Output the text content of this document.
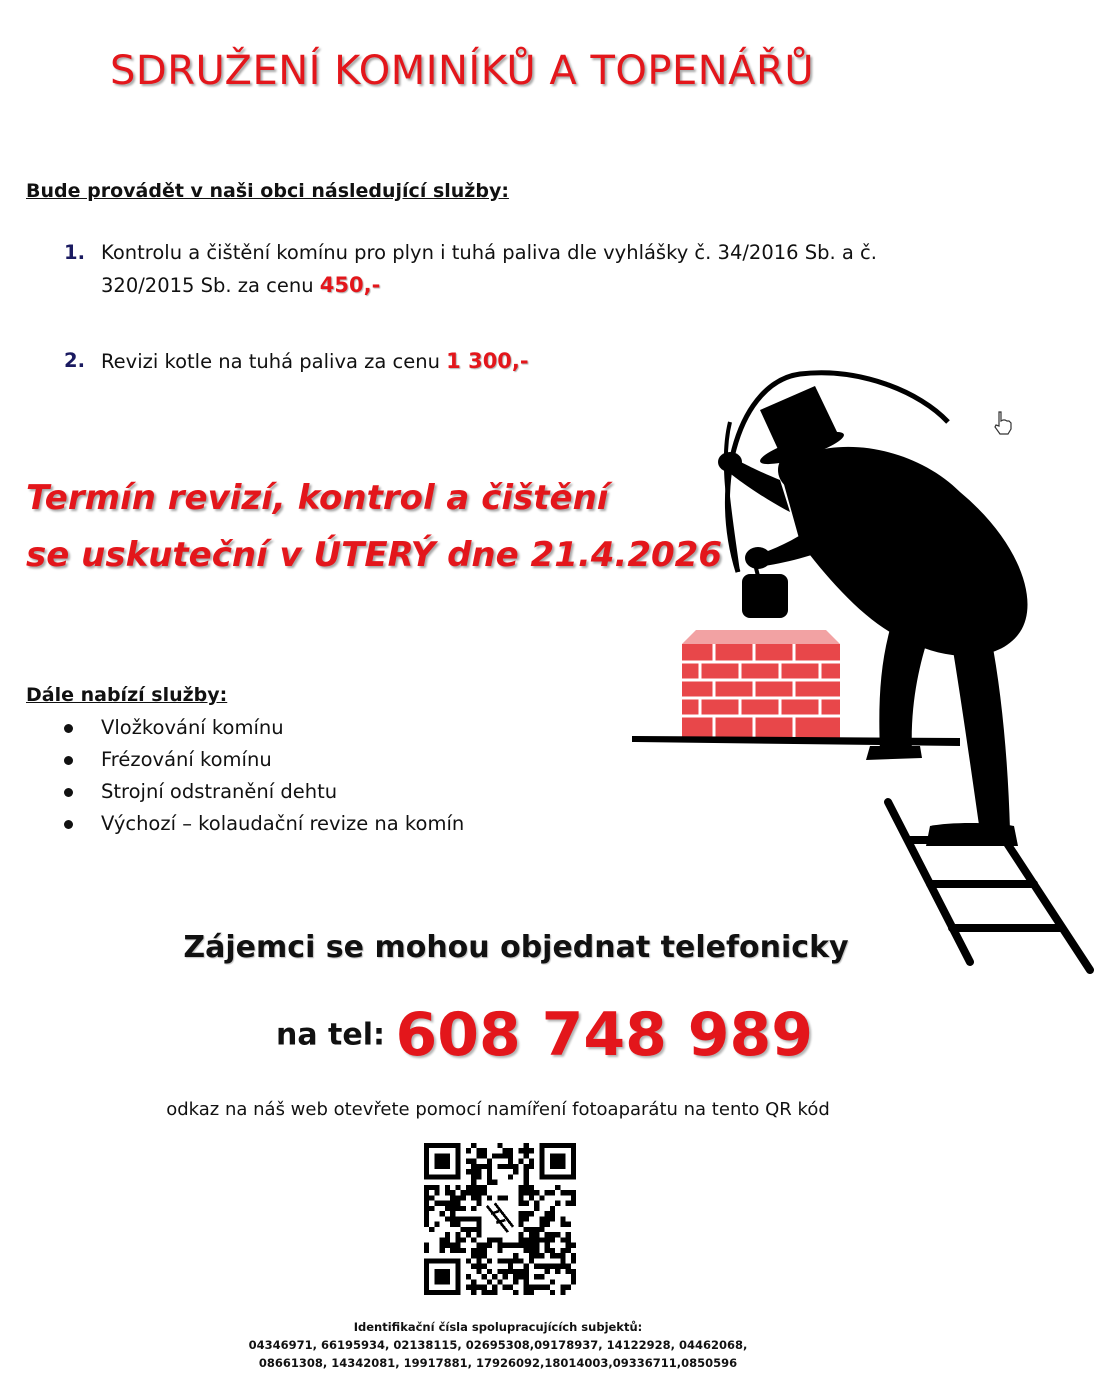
SDRUŽENÍ KOMINÍKŮ A TOPENÁŘŮ
Bude provádět v naši obci následující služby:
1. Kontrolu a čištění komínu pro plyn i tuhá paliva dle vyhlášky č. 34/2016 Sb. a č.
320/2015 Sb. za cenu 450,-
2. Revizi kotle na tuhá paliva za cenu 1 300,-
Termín revizí, kontrol a čištění
se uskuteční v ÚTERÝ dne 21.4.2026
Dále nabízí služby:
Vložkování komínu
Frézování komínu
Strojní odstranění dehtu
Výchozí – kolaudační revize na komín
Zájemci se mohou objednat telefonicky
na tel: 608 748 989
odkaz na náš web otevřete pomocí namíření fotoaparátu na tento QR kód
Identifikační čísla spolupracujících subjektů:
04346971, 66195934, 02138115, 02695308,09178937, 14122928, 04462068,
08661308, 14342081, 19917881, 17926092,18014003,09336711,0850596
